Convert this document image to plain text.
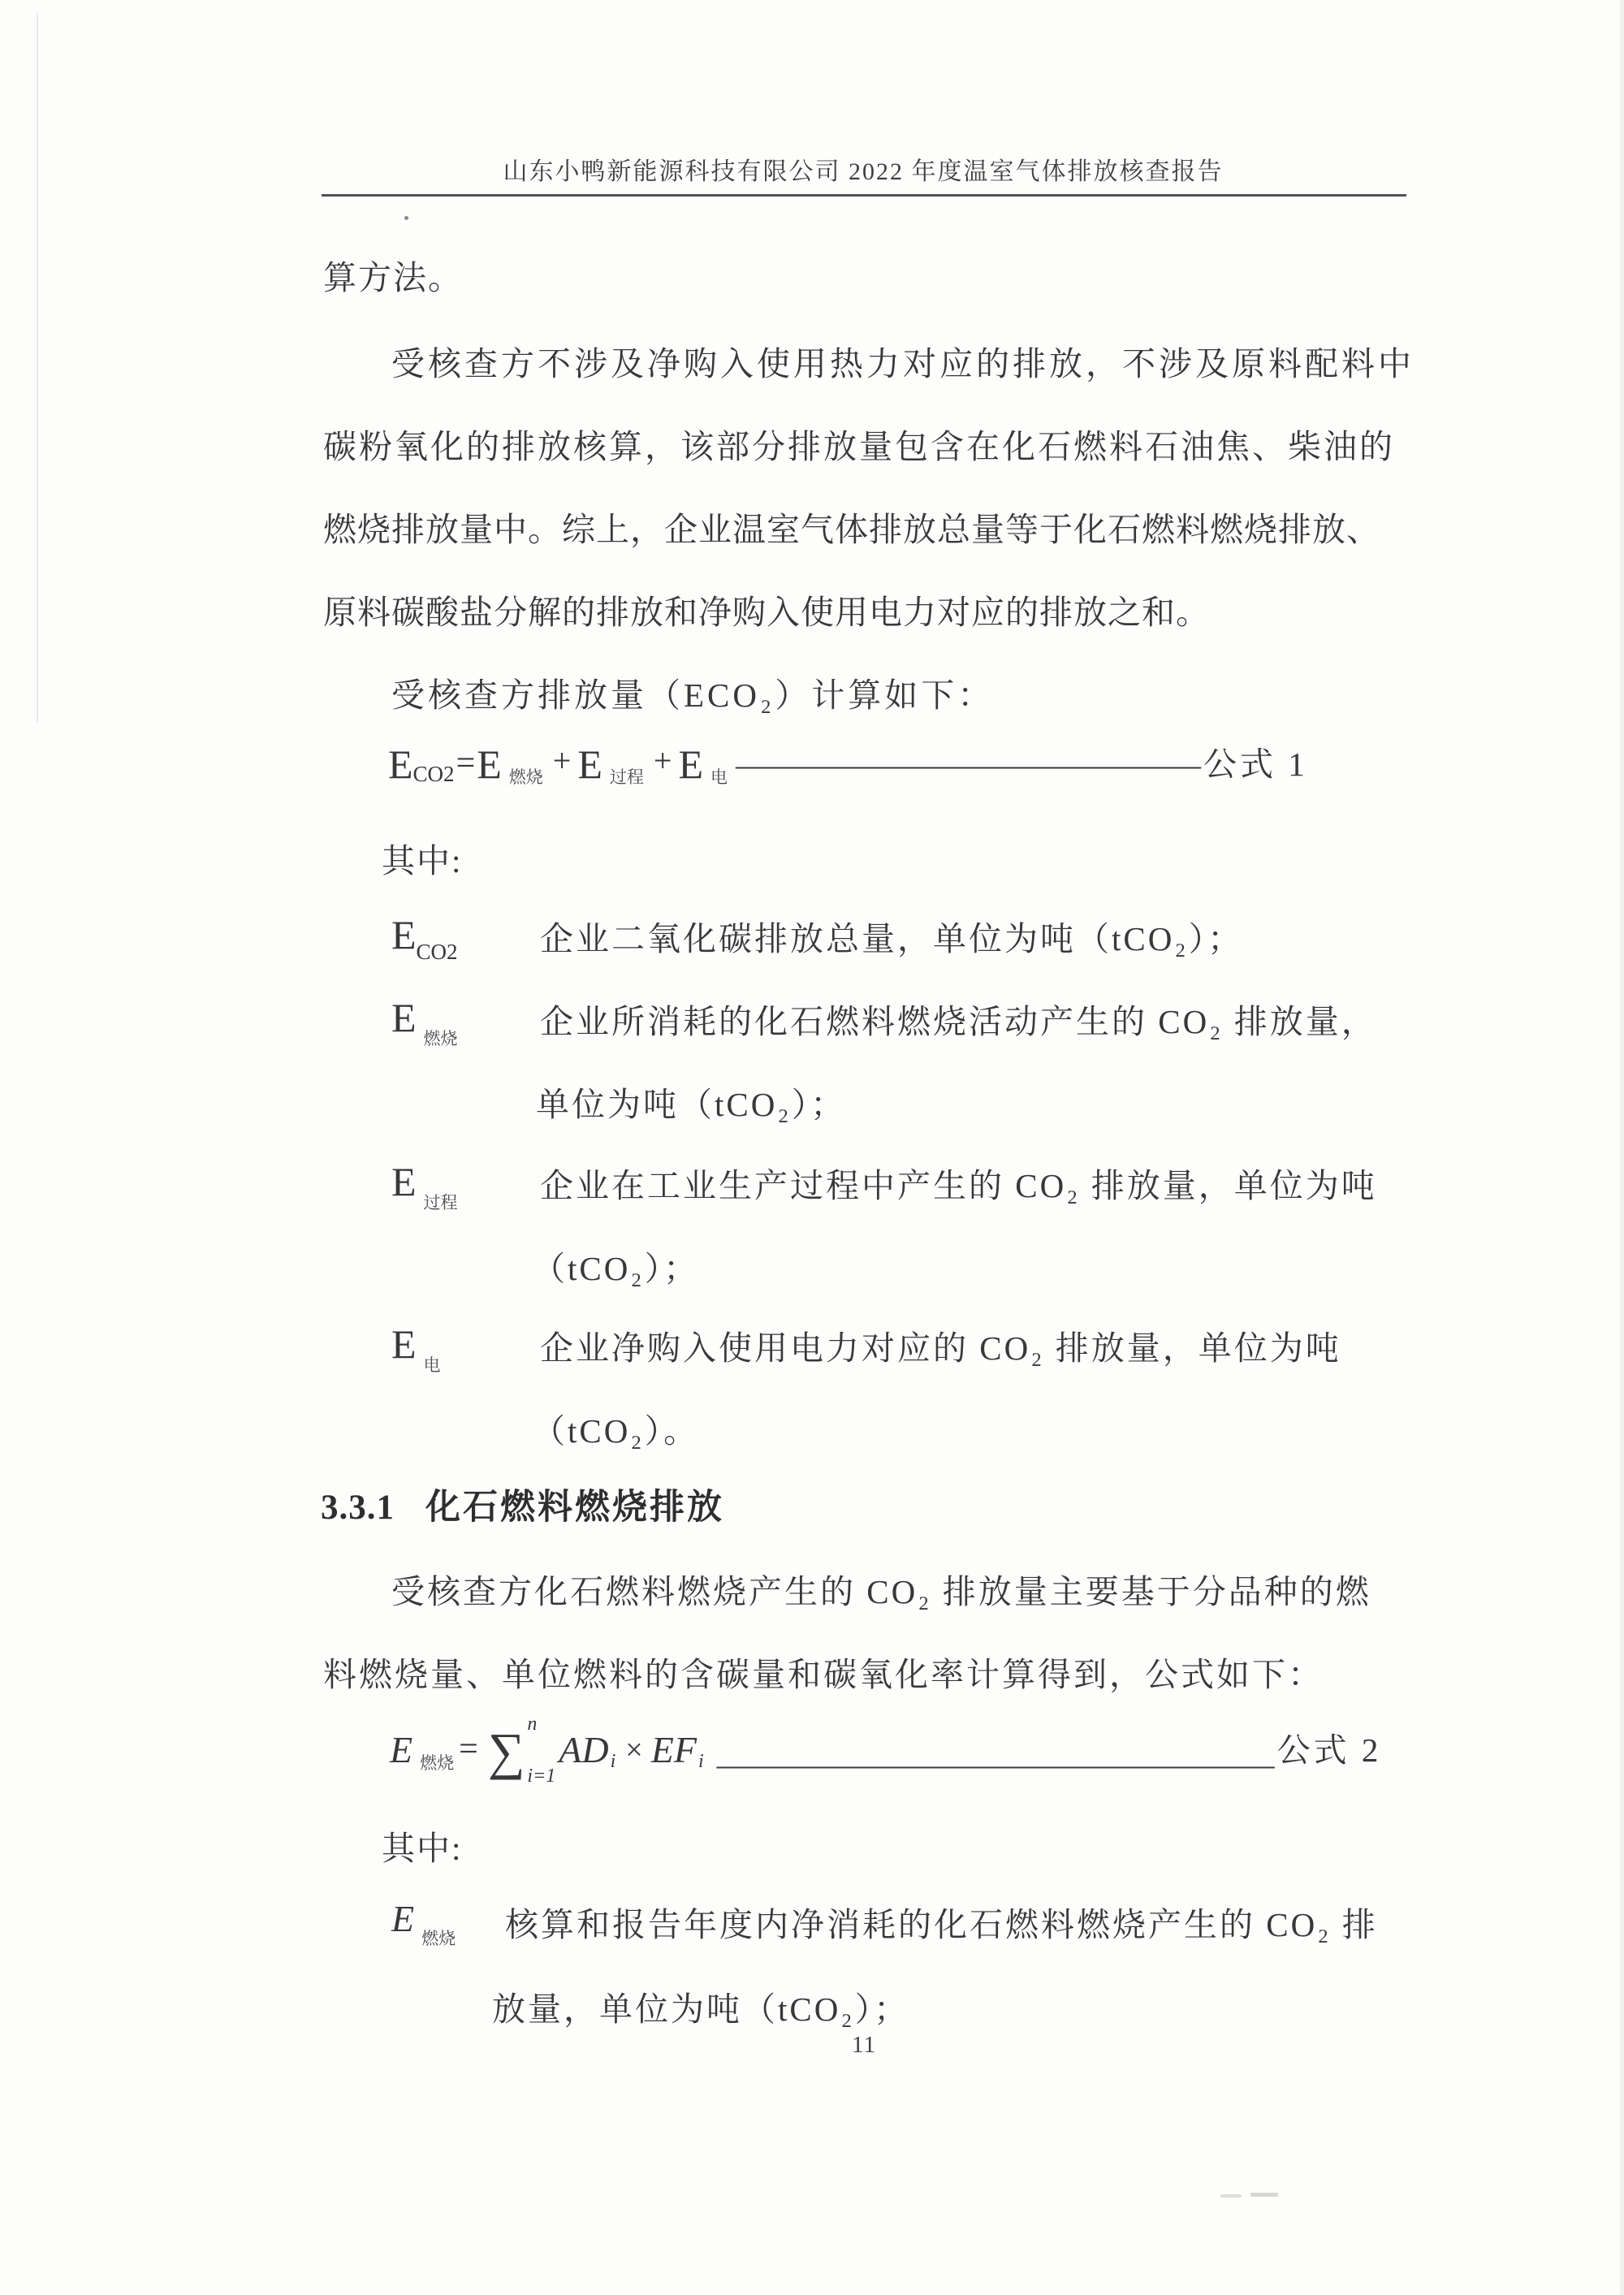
山东小鸭新能源科技有限公司 2022 年度温室气体排放核查报告
算方法。
受核查方不涉及净购入使用热力对应的排放，不涉及原料配料中
碳粉氧化的排放核算，该部分排放量包含在化石燃料石油焦、柴油的
燃烧排放量中。综上，企业温室气体排放总量等于化石燃料燃烧排放、
原料碳酸盐分解的排放和净购入使用电力对应的排放之和。
受核查方排放量（ECO₂）计算如下：
E CO2 = E 燃烧 + E 过程 + E 电 ——————————————— 公式 1
其中:
ECO2 企业二氧化碳排放总量，单位为吨（tCO₂）；
E 燃烧 企业所消耗的化石燃料燃烧活动产生的 CO₂ 排放量，
单位为吨（tCO₂）；
E 过程 企业在工业生产过程中产生的 CO₂ 排放量，单位为吨
（tCO₂）；
E 电	企业净购入使用电力对应的 CO₂ 排放量，单位为吨
（tCO₂）。
3.3.1 化石燃料燃烧排放
受核查方化石燃料燃烧产生的 CO₂ 排放量主要基于分品种的燃
料燃烧量、单位燃料的含碳量和碳氧化率计算得到，公式如下：
E 燃烧 = ∑ n
i=1
AD i × EF i —————————————————— 公式 2
其中:
E 燃烧 核算和报告年度内净消耗的化石燃料燃烧产生的 CO₂ 排
放量，单位为吨（tCO₂）；
11
